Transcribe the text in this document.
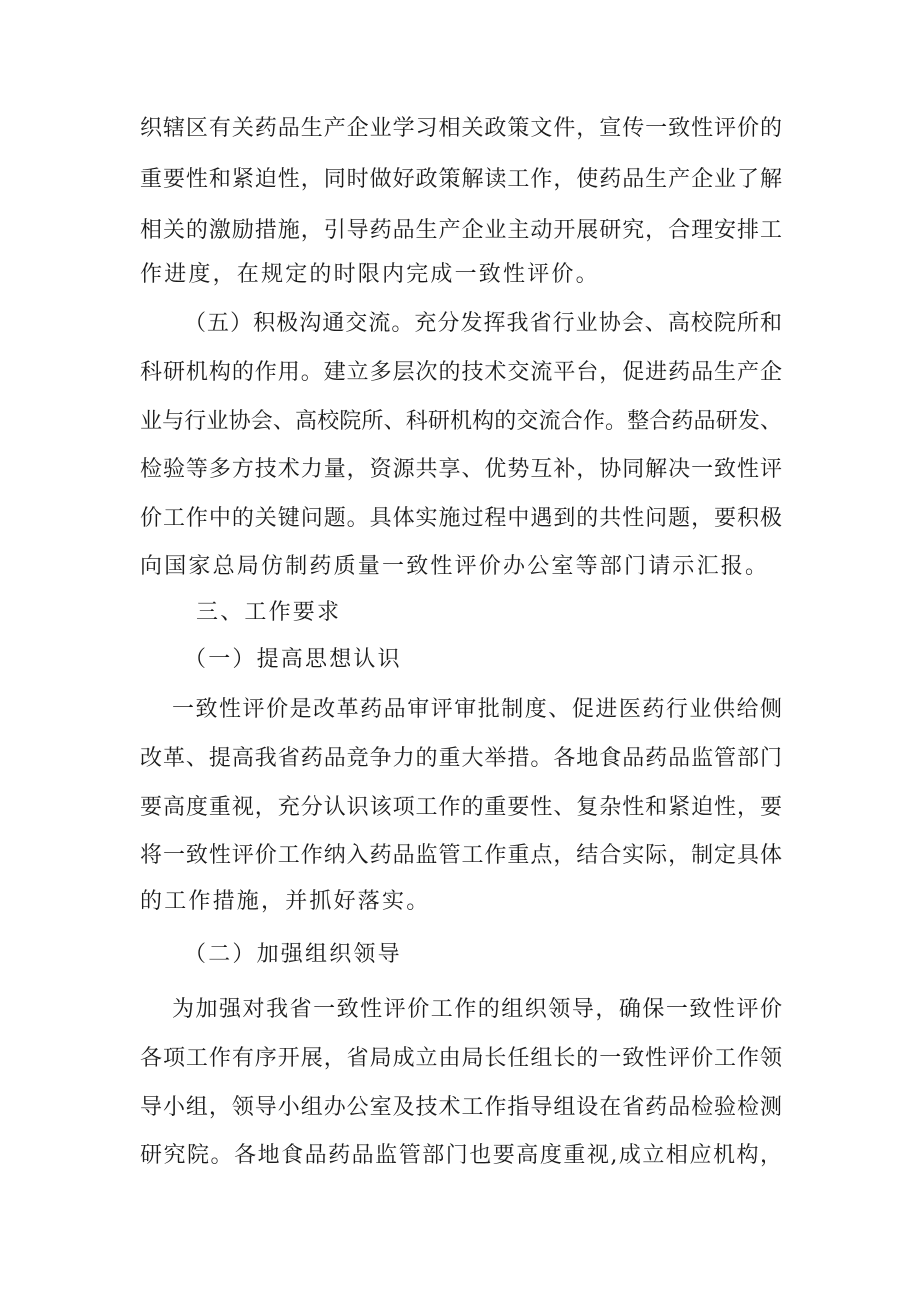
织辖区有关药品生产企业学习相关政策文件，宣传一致性评价的
重要性和紧迫性，同时做好政策解读工作，使药品生产企业了解
相关的激励措施，引导药品生产企业主动开展研究，合理安排工
作进度，在规定的时限内完成一致性评价。
（五）积极沟通交流。充分发挥我省行业协会、高校院所和
科研机构的作用。建立多层次的技术交流平台，促进药品生产企
业与行业协会、高校院所、科研机构的交流合作。整合药品研发、
检验等多方技术力量，资源共享、优势互补，协同解决一致性评
价工作中的关键问题。具体实施过程中遇到的共性问题，要积极
向国家总局仿制药质量一致性评价办公室等部门请示汇报。
三、工作要求
（一）提高思想认识
一致性评价是改革药品审评审批制度、促进医药行业供给侧
改革、提高我省药品竞争力的重大举措。各地食品药品监管部门
要高度重视，充分认识该项工作的重要性、复杂性和紧迫性，要
将一致性评价工作纳入药品监管工作重点，结合实际，制定具体
的工作措施，并抓好落实。
（二）加强组织领导
为加强对我省一致性评价工作的组织领导，确保一致性评价
各项工作有序开展，省局成立由局长任组长的一致性评价工作领
导小组，领导小组办公室及技术工作指导组设在省药品检验检测
研究院。各地食品药品监管部门也要高度重视,成立相应机构，
